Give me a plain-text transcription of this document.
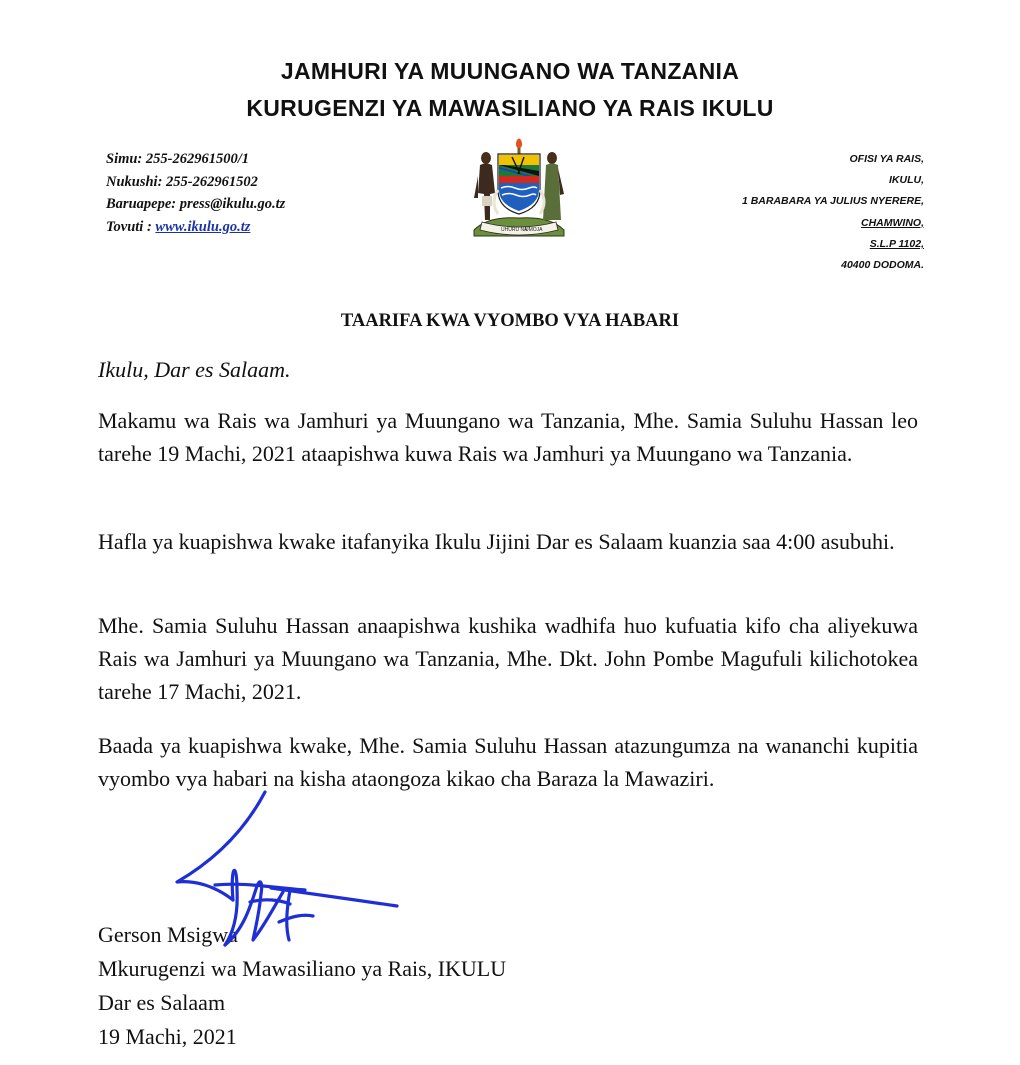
JAMHURI YA MUUNGANO WA TANZANIA
KURUGENZI YA MAWASILIANO YA RAIS IKULU
Simu: 255-262961500/1
Nukushi: 255-262961502
Baruapepe: press@ikulu.go.tz
Tovuti : www.ikulu.go.tz	UHURU NA
UMOJA
OFISI YA RAIS,
IKULU,
1 BARABARA YA JULIUS NYERERE,
CHAMWINO,
S.L.P 1102,
40400 DODOMA.
TAARIFA KWA VYOMBO VYA HABARI
Ikulu, Dar es Salaam.
Makamu wa Rais wa Jamhuri ya Muungano wa Tanzania, Mhe. Samia Suluhu Hassan leo tarehe 19 Machi, 2021 ataapishwa kuwa Rais wa Jamhuri ya Muungano wa Tanzania.
Hafla ya kuapishwa kwake itafanyika Ikulu Jijini Dar es Salaam kuanzia saa 4:00 asubuhi.
Mhe. Samia Suluhu Hassan anaapishwa kushika wadhifa huo kufuatia kifo cha aliyekuwa Rais wa Jamhuri ya Muungano wa Tanzania, Mhe. Dkt. John Pombe Magufuli kilichotokea tarehe 17 Machi, 2021.
Baada ya kuapishwa kwake, Mhe. Samia Suluhu Hassan atazungumza na wananchi kupitia vyombo vya habari na kisha ataongoza kikao cha Baraza la Mawaziri.
Gerson Msigwa
Mkurugenzi wa Mawasiliano ya Rais, IKULU
Dar es Salaam
19 Machi, 2021
